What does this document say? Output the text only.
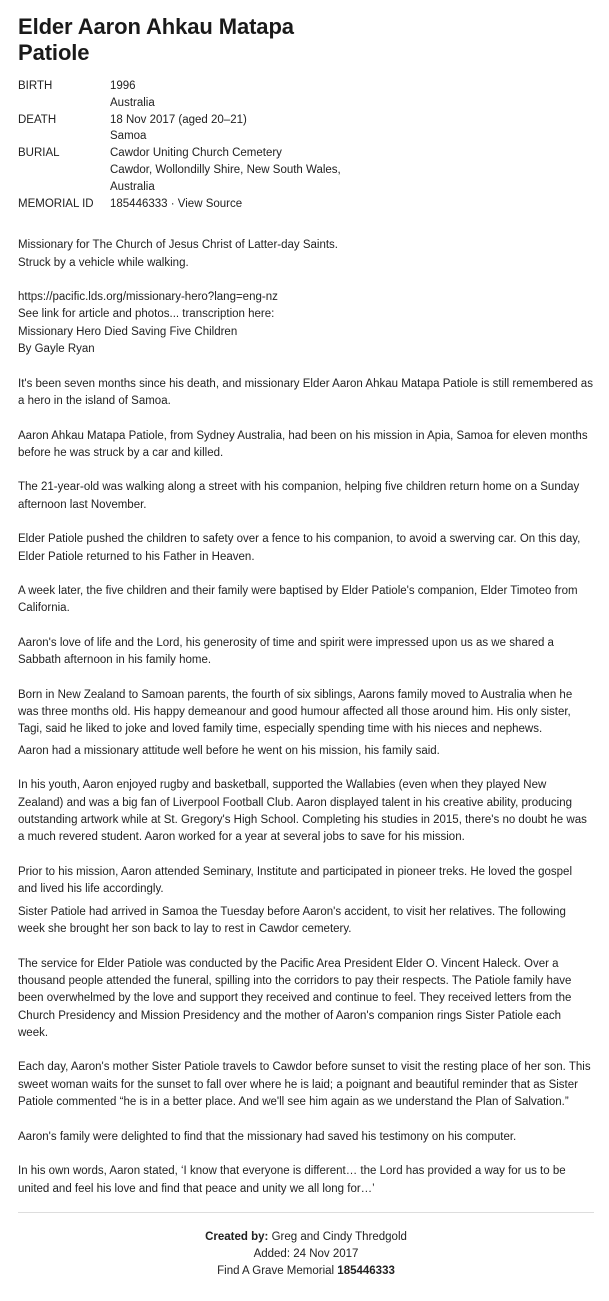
Elder Aaron Ahkau Matapa
Patiole
BIRTH	1996
Australia
DEATH	18 Nov 2017 (aged 20–21)
Samoa
BURIAL	Cawdor Uniting Church Cemetery
Cawdor, Wollondilly Shire, New South Wales,
Australia
MEMORIAL ID	185446333 · View Source
Missionary for The Church of Jesus Christ of Latter-day Saints.
Struck by a vehicle while walking.
https://pacific.lds.org/missionary-hero?lang=eng-nz
See link for article and photos... transcription here:
Missionary Hero Died Saving Five Children
By Gayle Ryan

It's been seven months since his death, and missionary Elder Aaron Ahkau Matapa Patiole is still remembered as a hero in the island of Samoa.

Aaron Ahkau Matapa Patiole, from Sydney Australia, had been on his mission in Apia, Samoa for eleven months before he was struck by a car and killed.

The 21-year-old was walking along a street with his companion, helping five children return home on a Sunday afternoon last November.

Elder Patiole pushed the children to safety over a fence to his companion, to avoid a swerving car. On this day, Elder Patiole returned to his Father in Heaven.

A week later, the five children and their family were baptised by Elder Patiole's companion, Elder Timoteo from California.

Aaron's love of life and the Lord, his generosity of time and spirit were impressed upon us as we shared a Sabbath afternoon in his family home.

Born in New Zealand to Samoan parents, the fourth of six siblings, Aarons family moved to Australia when he was three months old. His happy demeanour and good humour affected all those around him. His only sister, Tagi, said he liked to joke and loved family time, especially spending time with his nieces and nephews.

Aaron had a missionary attitude well before he went on his mission, his family said.

In his youth, Aaron enjoyed rugby and basketball, supported the Wallabies (even when they played New Zealand) and was a big fan of Liverpool Football Club. Aaron displayed talent in his creative ability, producing outstanding artwork while at St. Gregory's High School. Completing his studies in 2015, there's no doubt he was a much revered student. Aaron worked for a year at several jobs to save for his mission.

Prior to his mission, Aaron attended Seminary, Institute and participated in pioneer treks. He loved the gospel and lived his life accordingly.

Sister Patiole had arrived in Samoa the Tuesday before Aaron's accident, to visit her relatives. The following week she brought her son back to lay to rest in Cawdor cemetery.

The service for Elder Patiole was conducted by the Pacific Area President Elder O. Vincent Haleck. Over a thousand people attended the funeral, spilling into the corridors to pay their respects. The Patiole family have been overwhelmed by the love and support they received and continue to feel. They received letters from the Church Presidency and Mission Presidency and the mother of Aaron's companion rings Sister Patiole each week.

Each day, Aaron's mother Sister Patiole travels to Cawdor before sunset to visit the resting place of her son. This sweet woman waits for the sunset to fall over where he is laid; a poignant and beautiful reminder that as Sister Patiole commented “he is in a better place. And we'll see him again as we understand the Plan of Salvation.”

Aaron's family were delighted to find that the missionary had saved his testimony on his computer.

In his own words, Aaron stated, ‘I know that everyone is different… the Lord has provided a way for us to be united and feel his love and find that peace and unity we all long for…’

Created by: Greg and Cindy Thredgold
Added: 24 Nov 2017
Find A Grave Memorial 185446333
